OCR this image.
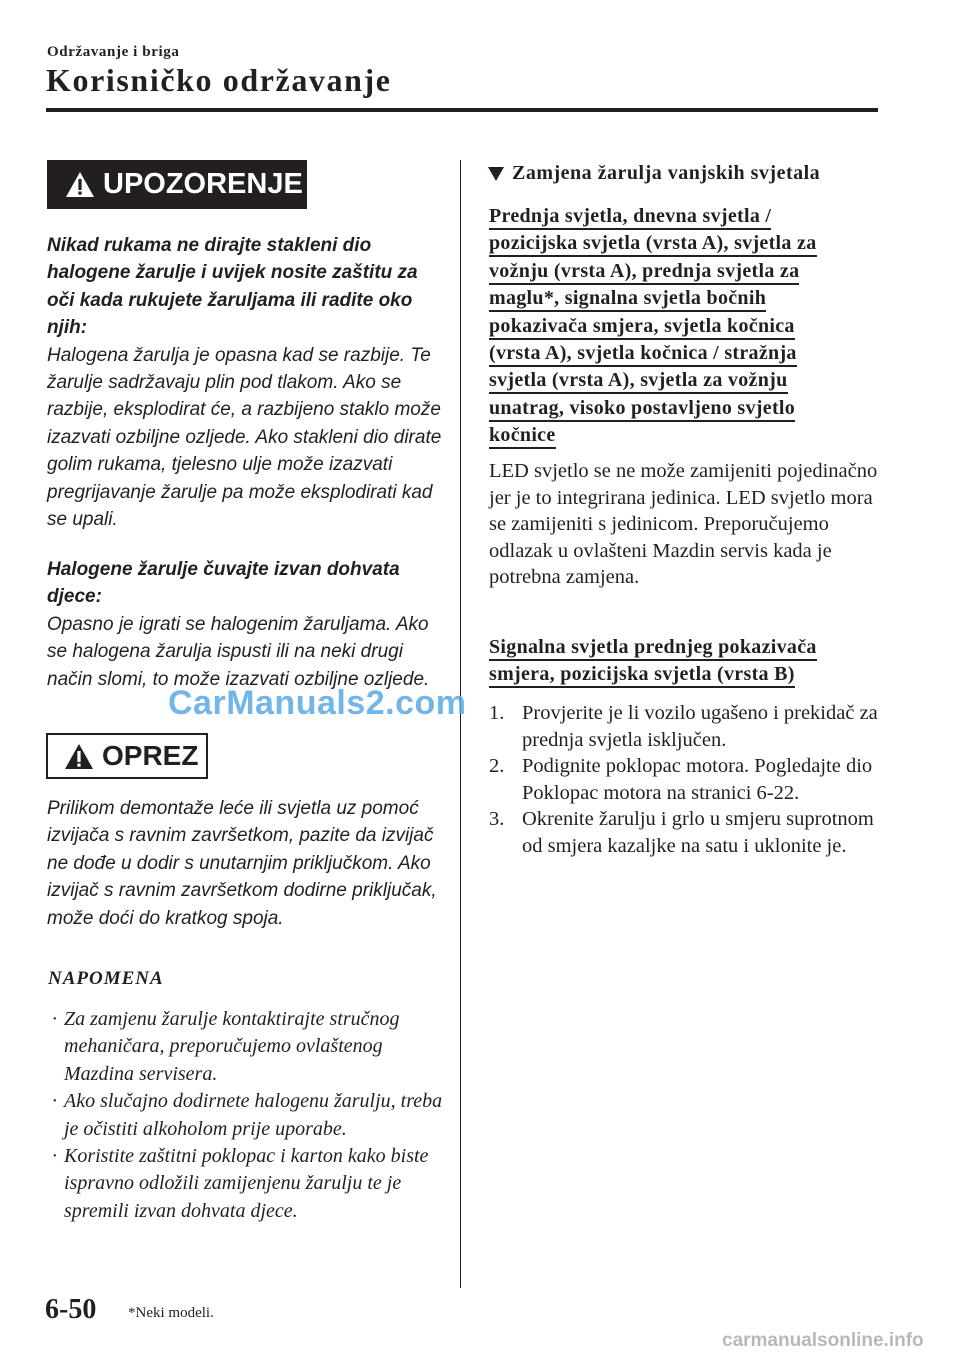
Održavanje i briga
Korisničko održavanje
UPOZORENJE
Nikad rukama ne dirajte stakleni dio halogene žarulje i uvijek nosite zaštitu za oči kada rukujete žaruljama ili radite oko njih:
Halogena žarulja je opasna kad se razbije. Te žarulje sadržavaju plin pod tlakom. Ako se razbije, eksplodirat će, a razbijeno staklo može izazvati ozbiljne ozljede. Ako stakleni dio dirate golim rukama, tjelesno ulje može izazvati pregrijavanje žarulje pa može eksplodirati kad se upali.
Halogene žarulje čuvajte izvan dohvata djece:
Opasno je igrati se halogenim žaruljama. Ako se halogena žarulja ispusti ili na neki drugi način slomi, to može izazvati ozbiljne ozljede.
OPREZ
Prilikom demontaže leće ili svjetla uz pomoć izvijača s ravnim završetkom, pazite da izvijač ne dođe u dodir s unutarnjim priključkom. Ako izvijač s ravnim završetkom dodirne priključak, može doći do kratkog spoja.
NAPOMENA
· Za zamjenu žarulje kontaktirajte stručnog mehaničara, preporučujemo ovlaštenog Mazdina servisera.
· Ako slučajno dodirnete halogenu žarulju, treba je očistiti alkoholom prije uporabe.
· Koristite zaštitni poklopac i karton kako biste ispravno odložili zamijenjenu žarulju te je spremili izvan dohvata djece.
Zamjena žarulja vanjskih svjetala
Prednja svjetla, dnevna svjetla /
pozicijska svjetla (vrsta A), svjetla za
vožnju (vrsta A), prednja svjetla za
maglu*, signalna svjetla bočnih
pokazivača smjera, svjetla kočnica
(vrsta A), svjetla kočnica / stražnja
svjetla (vrsta A), svjetla za vožnju
unatrag, visoko postavljeno svjetlo
kočnice
LED svjetlo se ne može zamijeniti pojedinačno jer je to integrirana jedinica. LED svjetlo mora se zamijeniti s jedinicom. Preporučujemo odlazak u ovlašteni Mazdin servis kada je potrebna zamjena.
Signalna svjetla prednjeg pokazivača
smjera, pozicijska svjetla (vrsta B)
1. Provjerite je li vozilo ugašeno i prekidač za prednja svjetla isključen.
2. Podignite poklopac motora. Pogledajte dio Poklopac motora na stranici 6-22.
3. Okrenite žarulju i grlo u smjeru suprotnom od smjera kazaljke na satu i uklonite je.
6-50 *Neki modeli.
CarManuals2.com
carmanualsonline.info
